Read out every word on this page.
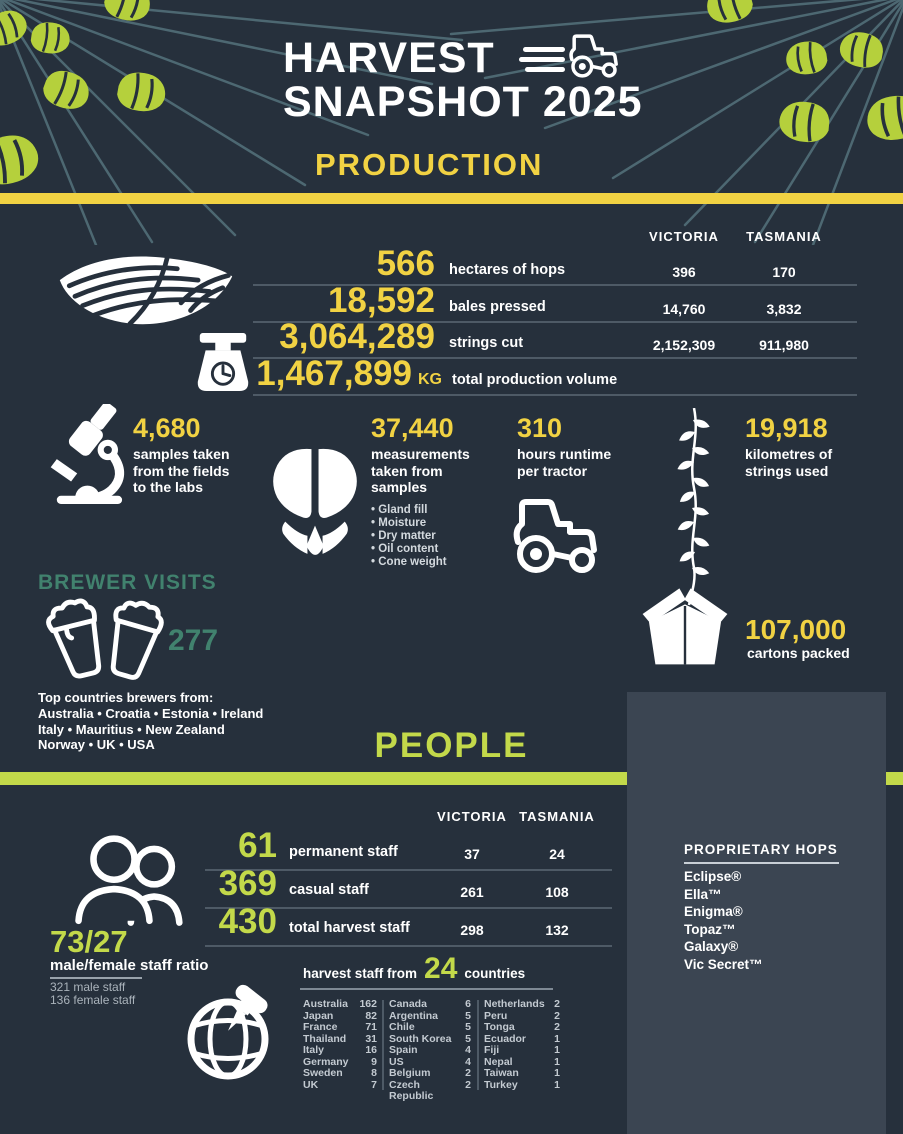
HARVEST
SNAPSHOT 2025
PRODUCTION
VICTORIA	TASMANIA
566 hectares of hops	396	170
18,592 bales pressed	14,760	3,832
3,064,289 strings cut	2,152,309	911,980
1,467,899 KG total production volume
4,680
samples taken
from the fields
to the labs
37,440
measurements
taken from
samples
• Gland fill
• Moisture
• Dry matter
• Oil content
• Cone weight
310
hours runtime
per tractor
19,918
kilometres of
strings used
BREWER VISITS
277
Top countries brewers from:
Australia • Croatia • Estonia • Ireland
Italy • Mauritius • New Zealand
Norway • UK • USA
107,000
cartons packed
PEOPLE
PROPRIETARY HOPS
Eclipse®
Ella™
Enigma®
Topaz™
Galaxy®
Vic Secret™
VICTORIA TASMANIA
61 permanent staff	37	24
369 casual staff	261	108
430 total harvest staff	298	132
73/27
male/female staff ratio
321 male staff
136 female staff
harvest staff from 24 countries
Australia 162
Japan	82
France	71
Thailand 31
Italy	16
Germany 9
Sweden	8
UK	7
Canada	6
Argentina	5
Chile	5
South Korea 5
Spain	4
US	4
Belgium	2
Czech Republic
2
Netherlands 2
Peru	2
Tonga	2
Ecuador	1
Fiji	1
Nepal	1
Taiwan	1
Turkey	1
